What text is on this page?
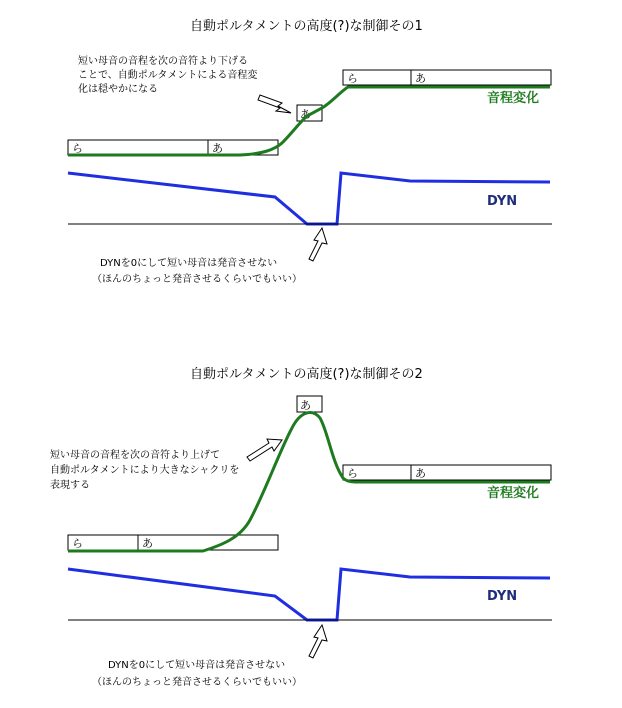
自動ポルタメントの高度(?)な制御その1
短い母音の音程を次の音符より下げる
ことで、自動ポルタメントによる音程変
化は穏やかになる
ら	あ
あ
ら	あ
音程変化
DYN
DYNを0にして短い母音は発音させない
（ほんのちょっと発音させるくらいでもいい）
自動ポルタメントの高度(?)な制御その2
短い母音の音程を次の音符より上げて
自動ポルタメントにより大きなシャクリを
表現する
ら	あ
あ
ら	あ
音程変化
DYN
DYNを0にして短い母音は発音させない
（ほんのちょっと発音させるくらいでもいい）
